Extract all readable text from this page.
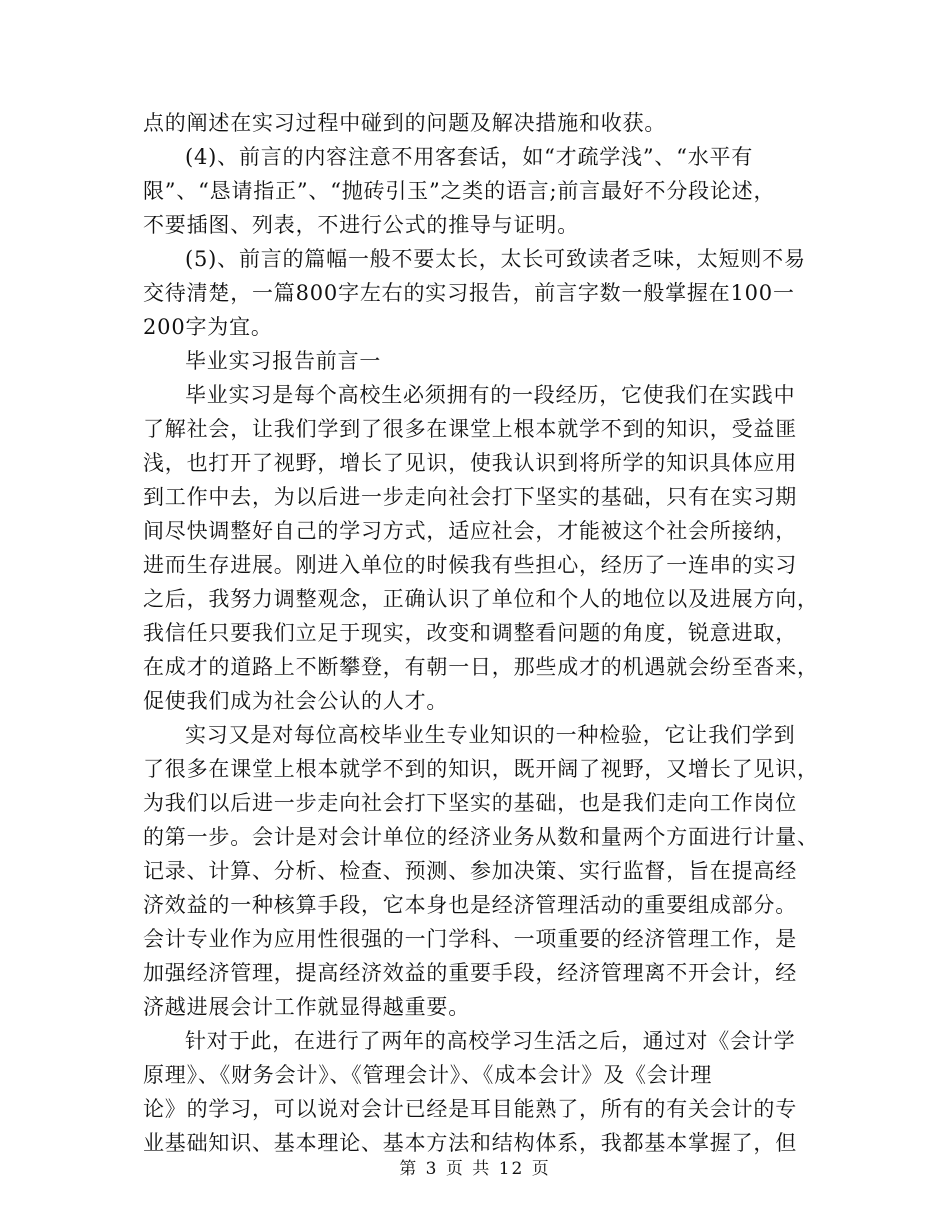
点的阐述在实习过程中碰到的问题及解决措施和收获。
(4)、前言的内容注意不用客套话，如“才疏学浅”、“水平有
限”、“恳请指正”、“抛砖引玉”之类的语言;前言最好不分段论述，
不要插图、列表，不进行公式的推导与证明。
(5)、前言的篇幅一般不要太长，太长可致读者乏味，太短则不易
交待清楚，一篇800字左右的实习报告，前言字数一般掌握在100一
200字为宜。
毕业实习报告前言一
毕业实习是每个高校生必须拥有的一段经历，它使我们在实践中
了解社会，让我们学到了很多在课堂上根本就学不到的知识，受益匪
浅，也打开了视野，增长了见识，使我认识到将所学的知识具体应用
到工作中去，为以后进一步走向社会打下坚实的基础，只有在实习期
间尽快调整好自己的学习方式，适应社会，才能被这个社会所接纳，
进而生存进展。刚进入单位的时候我有些担心，经历了一连串的实习
之后，我努力调整观念，正确认识了单位和个人的地位以及进展方向，
我信任只要我们立足于现实，改变和调整看问题的角度，锐意进取，
在成才的道路上不断攀登，有朝一日，那些成才的机遇就会纷至沓来，
促使我们成为社会公认的人才。
实习又是对每位高校毕业生专业知识的一种检验，它让我们学到
了很多在课堂上根本就学不到的知识，既开阔了视野，又增长了见识，
为我们以后进一步走向社会打下坚实的基础，也是我们走向工作岗位
的第一步。会计是对会计单位的经济业务从数和量两个方面进行计量、
记录、计算、分析、检查、预测、参加决策、实行监督，旨在提高经
济效益的一种核算手段，它本身也是经济管理活动的重要组成部分。
会计专业作为应用性很强的一门学科、一项重要的经济管理工作，是
加强经济管理，提高经济效益的重要手段，经济管理离不开会计，经
济越进展会计工作就显得越重要。
针对于此，在进行了两年的高校学习生活之后，通过对《会计学
原理》、《财务会计》、《管理会计》、《成本会计》及《会计理
论》的学习，可以说对会计已经是耳目能熟了，所有的有关会计的专
业基础知识、基本理论、基本方法和结构体系，我都基本掌握了，但
第 3 页 共 12 页
